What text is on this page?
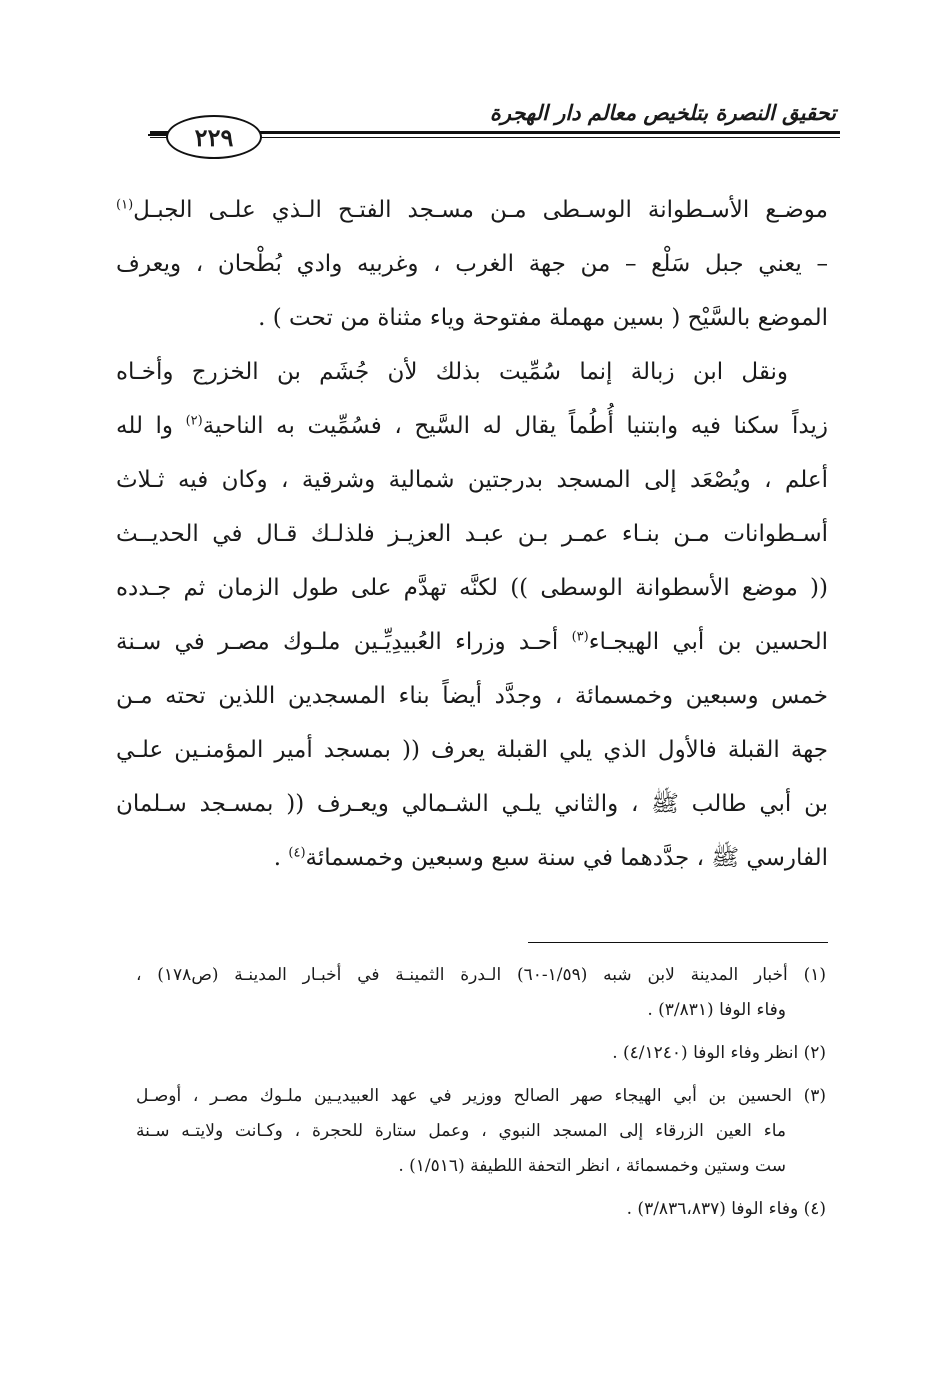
تحقيق النصرة بتلخيص معالم دار الهجرة
٢٢٩
موضـع الأسـطوانة الوسـطى مـن مسـجد الفتـح الـذي علـى الجبـل$^{(١)}$
– يعني جبل سَلْع – من جهة الغرب ، وغربيه وادي بُطْحان ، ويعرف
الموضع بالسَّيْح ( بسين مهملة مفتوحة وياء مثناة من تحت ) .
ونقل ابن زبالة إنما سُمِّيت بذلك لأن جُشَم بن الخزرج وأخـاه
زيداً سكنا فيه وابتنيا أُطُماً يقال له السَّيح ، فسُمِّيت به الناحية$^{(٢)}$ وا لله
أعلم ، ويُصْعَد إلى المسجد بدرجتين شمالية وشرقية ، وكان فيه ثـلاث
أسـطوانات مـن بنـاء عمـر بـن عبـد العزيـز فلذلـك قـال في الحديــث
(( موضع الأسطوانة الوسطى )) لكنَّه تهدَّم على طول الزمان ثم جـدده
الحسين بن أبي الهيجـاء$^{(٣)}$ أحـد وزراء العُبيدِيِّـين ملـوك مصـر في سـنة
خمس وسبعين وخمسمائة ، وجدَّد أيضاً بناء المسجدين اللذين تحته مـن
جهة القبلة فالأول الذي يلي القبلة يعرف (( بمسجد أمير المؤمنـين علـي
بن أبي طالب ﷺ ، والثاني يلـي الشـمالي ويعـرف (( بمسـجد سـلمان
الفارسي ﷺ ، جدَّدهما في سنة سبع وسبعين وخمسمائة$^{(٤)}$ .
(١) أخبار المدينة لابن شبه (١/٥٩-٦٠) الـدرة الثمينـة في أخبـار المدينـة (ص١٧٨) ،
وفاء الوفا (٣/٨٣١) .
(٢) انظر وفاء الوفا (٤/١٢٤٠) .
(٣) الحسين بن أبي الهيجاء صهر الصالح ووزير في عهد العبيديـين ملـوك مصـر ، أوصـل
ماء العين الزرقاء إلى المسجد النبوي ، وعمل ستارة للحجرة ، وكـانت ولايتـه سـنة
ست وستين وخمسمائة ، انظر التحفة اللطيفة (١/٥١٦) .
(٤) وفاء الوفا (٣/٨٣٦،٨٣٧) .
